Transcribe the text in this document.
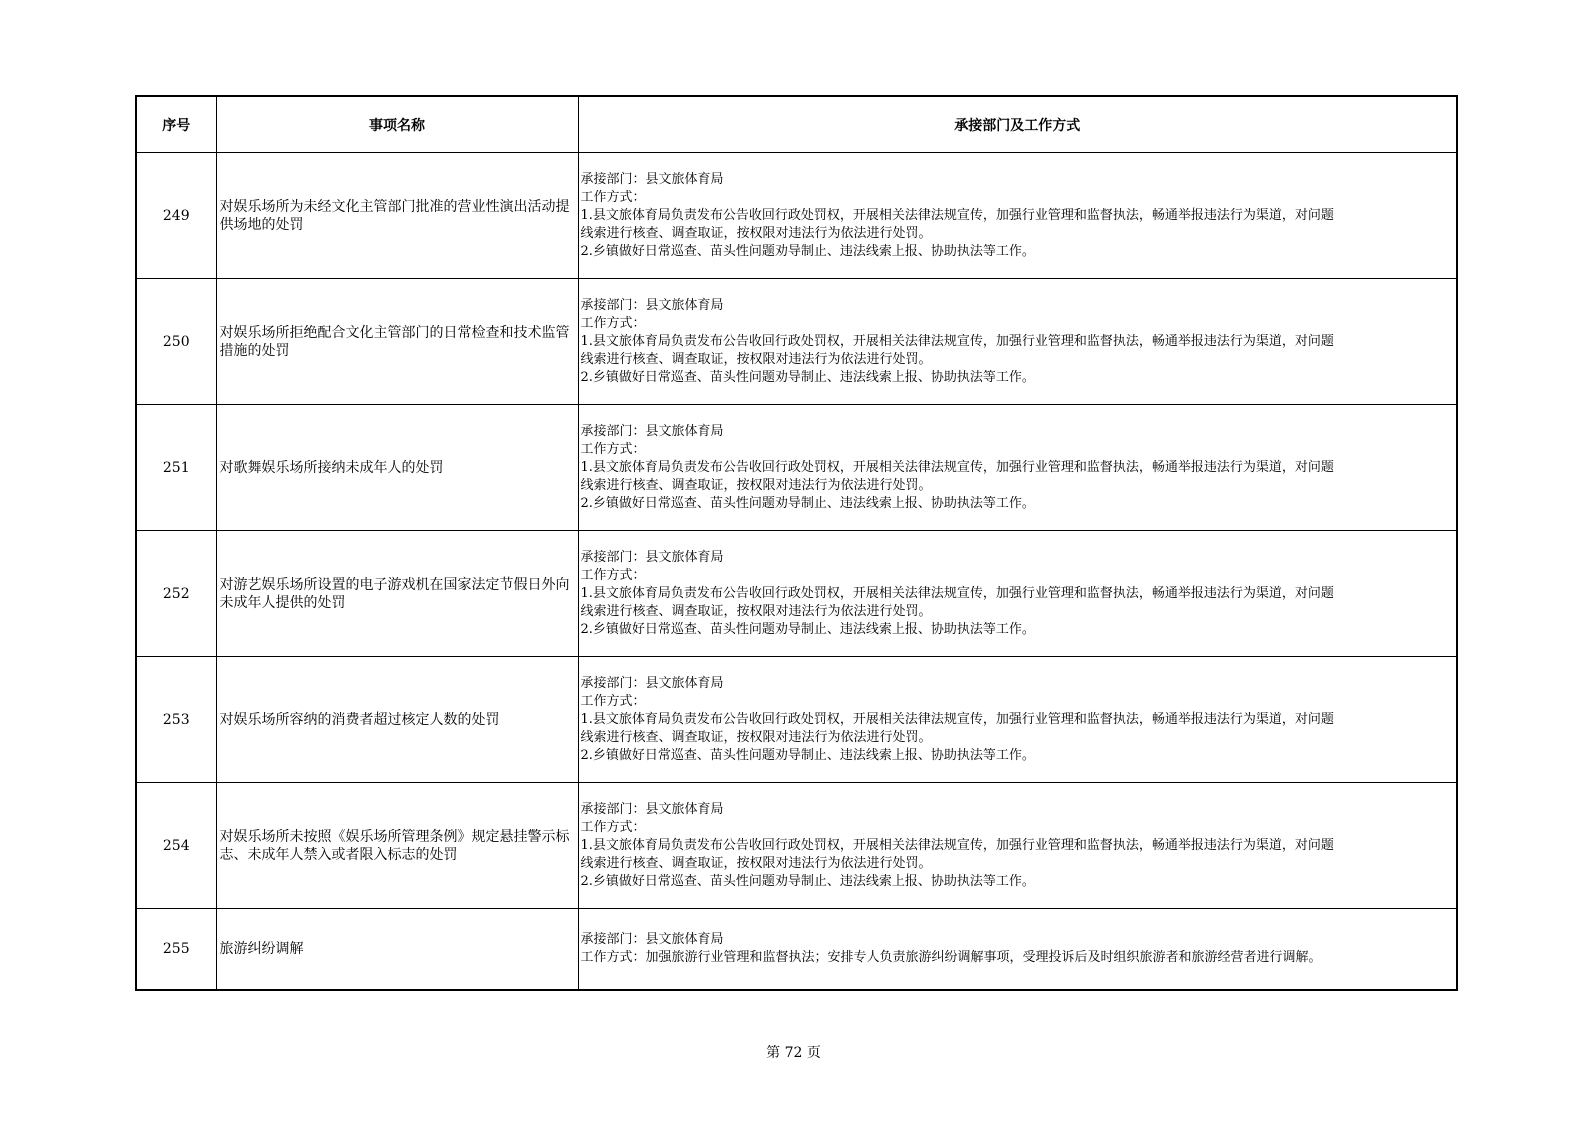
序号	事项名称	承接部门及工作方式
249	对娱乐场所为未经文化主管部门批准的营业性演出活动提供场地的处罚	承接部门：县文旅体育局
工作方式：
1.县文旅体育局负责发布公告收回行政处罚权，开展相关法律法规宣传，加强行业管理和监督执法，畅通举报违法行为渠道，对问题
线索进行核查、调查取证，按权限对违法行为依法进行处罚。
2.乡镇做好日常巡查、苗头性问题劝导制止、违法线索上报、协助执法等工作。

250	对娱乐场所拒绝配合文化主管部门的日常检查和技术监管措施的处罚	承接部门：县文旅体育局
工作方式：
1.县文旅体育局负责发布公告收回行政处罚权，开展相关法律法规宣传，加强行业管理和监督执法，畅通举报违法行为渠道，对问题
线索进行核查、调查取证，按权限对违法行为依法进行处罚。
2.乡镇做好日常巡查、苗头性问题劝导制止、违法线索上报、协助执法等工作。

251	对歌舞娱乐场所接纳未成年人的处罚	承接部门：县文旅体育局
工作方式：
1.县文旅体育局负责发布公告收回行政处罚权，开展相关法律法规宣传，加强行业管理和监督执法，畅通举报违法行为渠道，对问题
线索进行核查、调查取证，按权限对违法行为依法进行处罚。
2.乡镇做好日常巡查、苗头性问题劝导制止、违法线索上报、协助执法等工作。

252	对游艺娱乐场所设置的电子游戏机在国家法定节假日外向未成年人提供的处罚	承接部门：县文旅体育局
工作方式：
1.县文旅体育局负责发布公告收回行政处罚权，开展相关法律法规宣传，加强行业管理和监督执法，畅通举报违法行为渠道，对问题
线索进行核查、调查取证，按权限对违法行为依法进行处罚。
2.乡镇做好日常巡查、苗头性问题劝导制止、违法线索上报、协助执法等工作。

253	对娱乐场所容纳的消费者超过核定人数的处罚	承接部门：县文旅体育局
工作方式：
1.县文旅体育局负责发布公告收回行政处罚权，开展相关法律法规宣传，加强行业管理和监督执法，畅通举报违法行为渠道，对问题
线索进行核查、调查取证，按权限对违法行为依法进行处罚。
2.乡镇做好日常巡查、苗头性问题劝导制止、违法线索上报、协助执法等工作。

254	对娱乐场所未按照《娱乐场所管理条例》规定悬挂警示标志、未成年人禁入或者限入标志的处罚	承接部门：县文旅体育局
工作方式：
1.县文旅体育局负责发布公告收回行政处罚权，开展相关法律法规宣传，加强行业管理和监督执法，畅通举报违法行为渠道，对问题
线索进行核查、调查取证，按权限对违法行为依法进行处罚。
2.乡镇做好日常巡查、苗头性问题劝导制止、违法线索上报、协助执法等工作。

255	旅游纠纷调解	承接部门：县文旅体育局
工作方式：加强旅游行业管理和监督执法；安排专人负责旅游纠纷调解事项，受理投诉后及时组织旅游者和旅游经营者进行调解。
第 72 页
